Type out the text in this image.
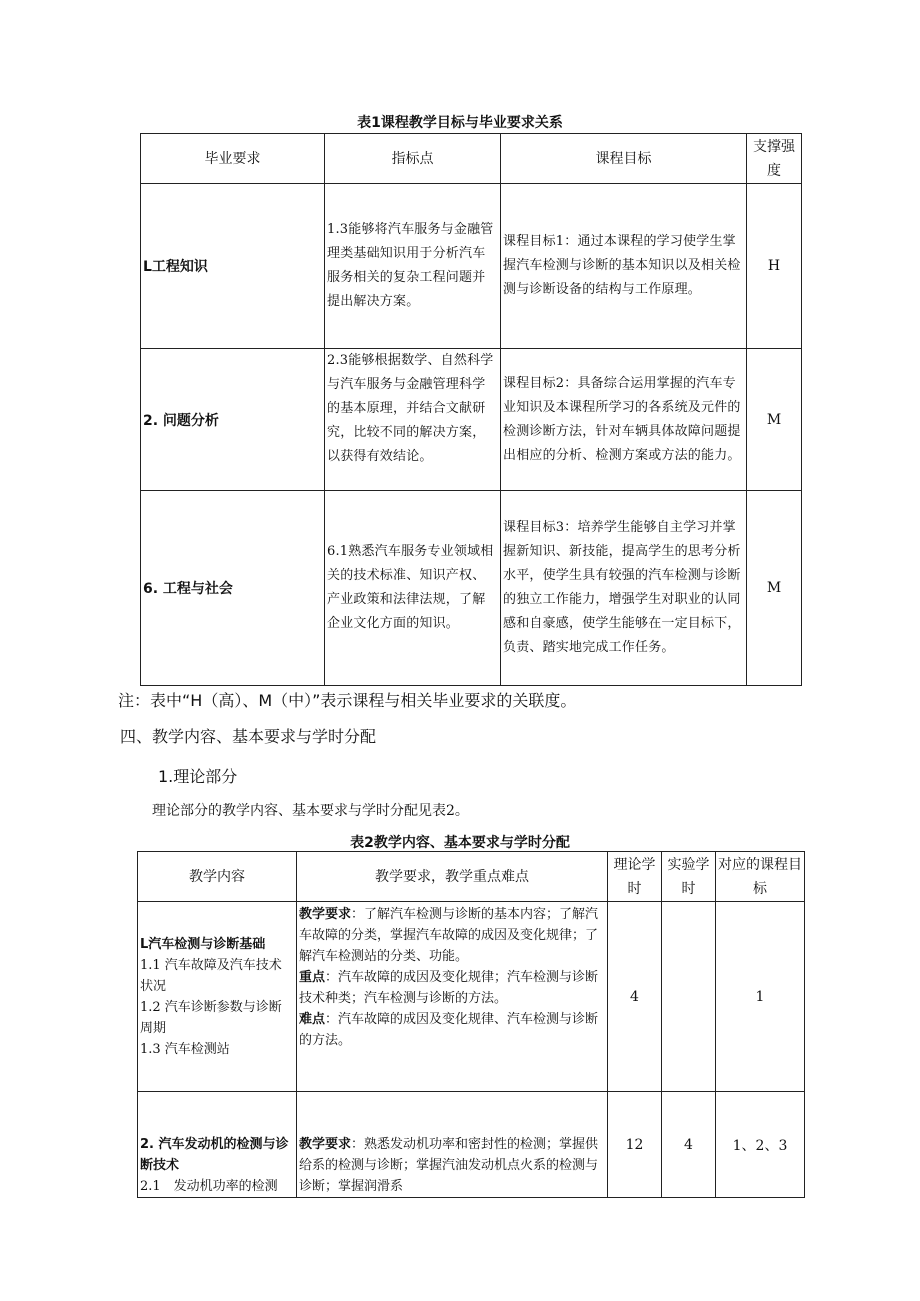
表1课程教学目标与毕业要求关系
毕业要求	指标点	课程目标	支撑强度
L工程知识	1.3能够将汽车服务与金融管理类基础知识用于分析汽车服务相关的复杂工程问题并提出解决方案。	课程目标1：通过本课程的学习使学生掌握汽车检测与诊断的基本知识以及相关检测与诊断设备的结构与工作原理。	H
2. 问题分析	2.3能够根据数学、自然科学与汽车服务与金融管理科学的基本原理，并结合文献研究，比较不同的解决方案，以获得有效结论。	课程目标2：具备综合运用掌握的汽车专业知识及本课程所学习的各系统及元件的检测诊断方法，针对车辆具体故障问题提出相应的分析、检测方案或方法的能力。	M
6. 工程与社会	6.1熟悉汽车服务专业领域相关的技术标准、知识产权、产业政策和法律法规，了解企业文化方面的知识。	课程目标3：培养学生能够自主学习并掌握新知识、新技能，提高学生的思考分析水平，使学生具有较强的汽车检测与诊断的独立工作能力，增强学生对职业的认同感和自豪感，使学生能够在一定目标下，负责、踏实地完成工作任务。	M
注：表中“H（高）、M（中）”表示课程与相关毕业要求的关联度。
四、教学内容、基本要求与学时分配
1.理论部分
理论部分的教学内容、基本要求与学时分配见表2。
表2教学内容、基本要求与学时分配
教学内容	教学要求，教学重点难点	理论学时	实验学时	对应的课程目标

L汽车检测与诊断基础
1.1 汽车故障及汽车技术状况
1.2 汽车诊断参数与诊断周期
1.3 汽车检测站	教学要求：了解汽车检测与诊断的基本内容；了解汽车故障的分类，掌握汽车故障的成因及变化规律；了解汽车检测站的分类、功能。
重点：汽车故障的成因及变化规律；汽车检测与诊断技术种类；汽车检测与诊断的方法。
难点：汽车故障的成因及变化规律、汽车检测与诊断的方法。	4		1

2. 汽车发动机的检测与诊断技术
2.1　发动机功率的检测	教学要求：熟悉发动机功率和密封性的检测；掌握供给系的检测与诊断；掌握汽油发动机点火系的检测与诊断；掌握润滑系	12	4	1、2、3
